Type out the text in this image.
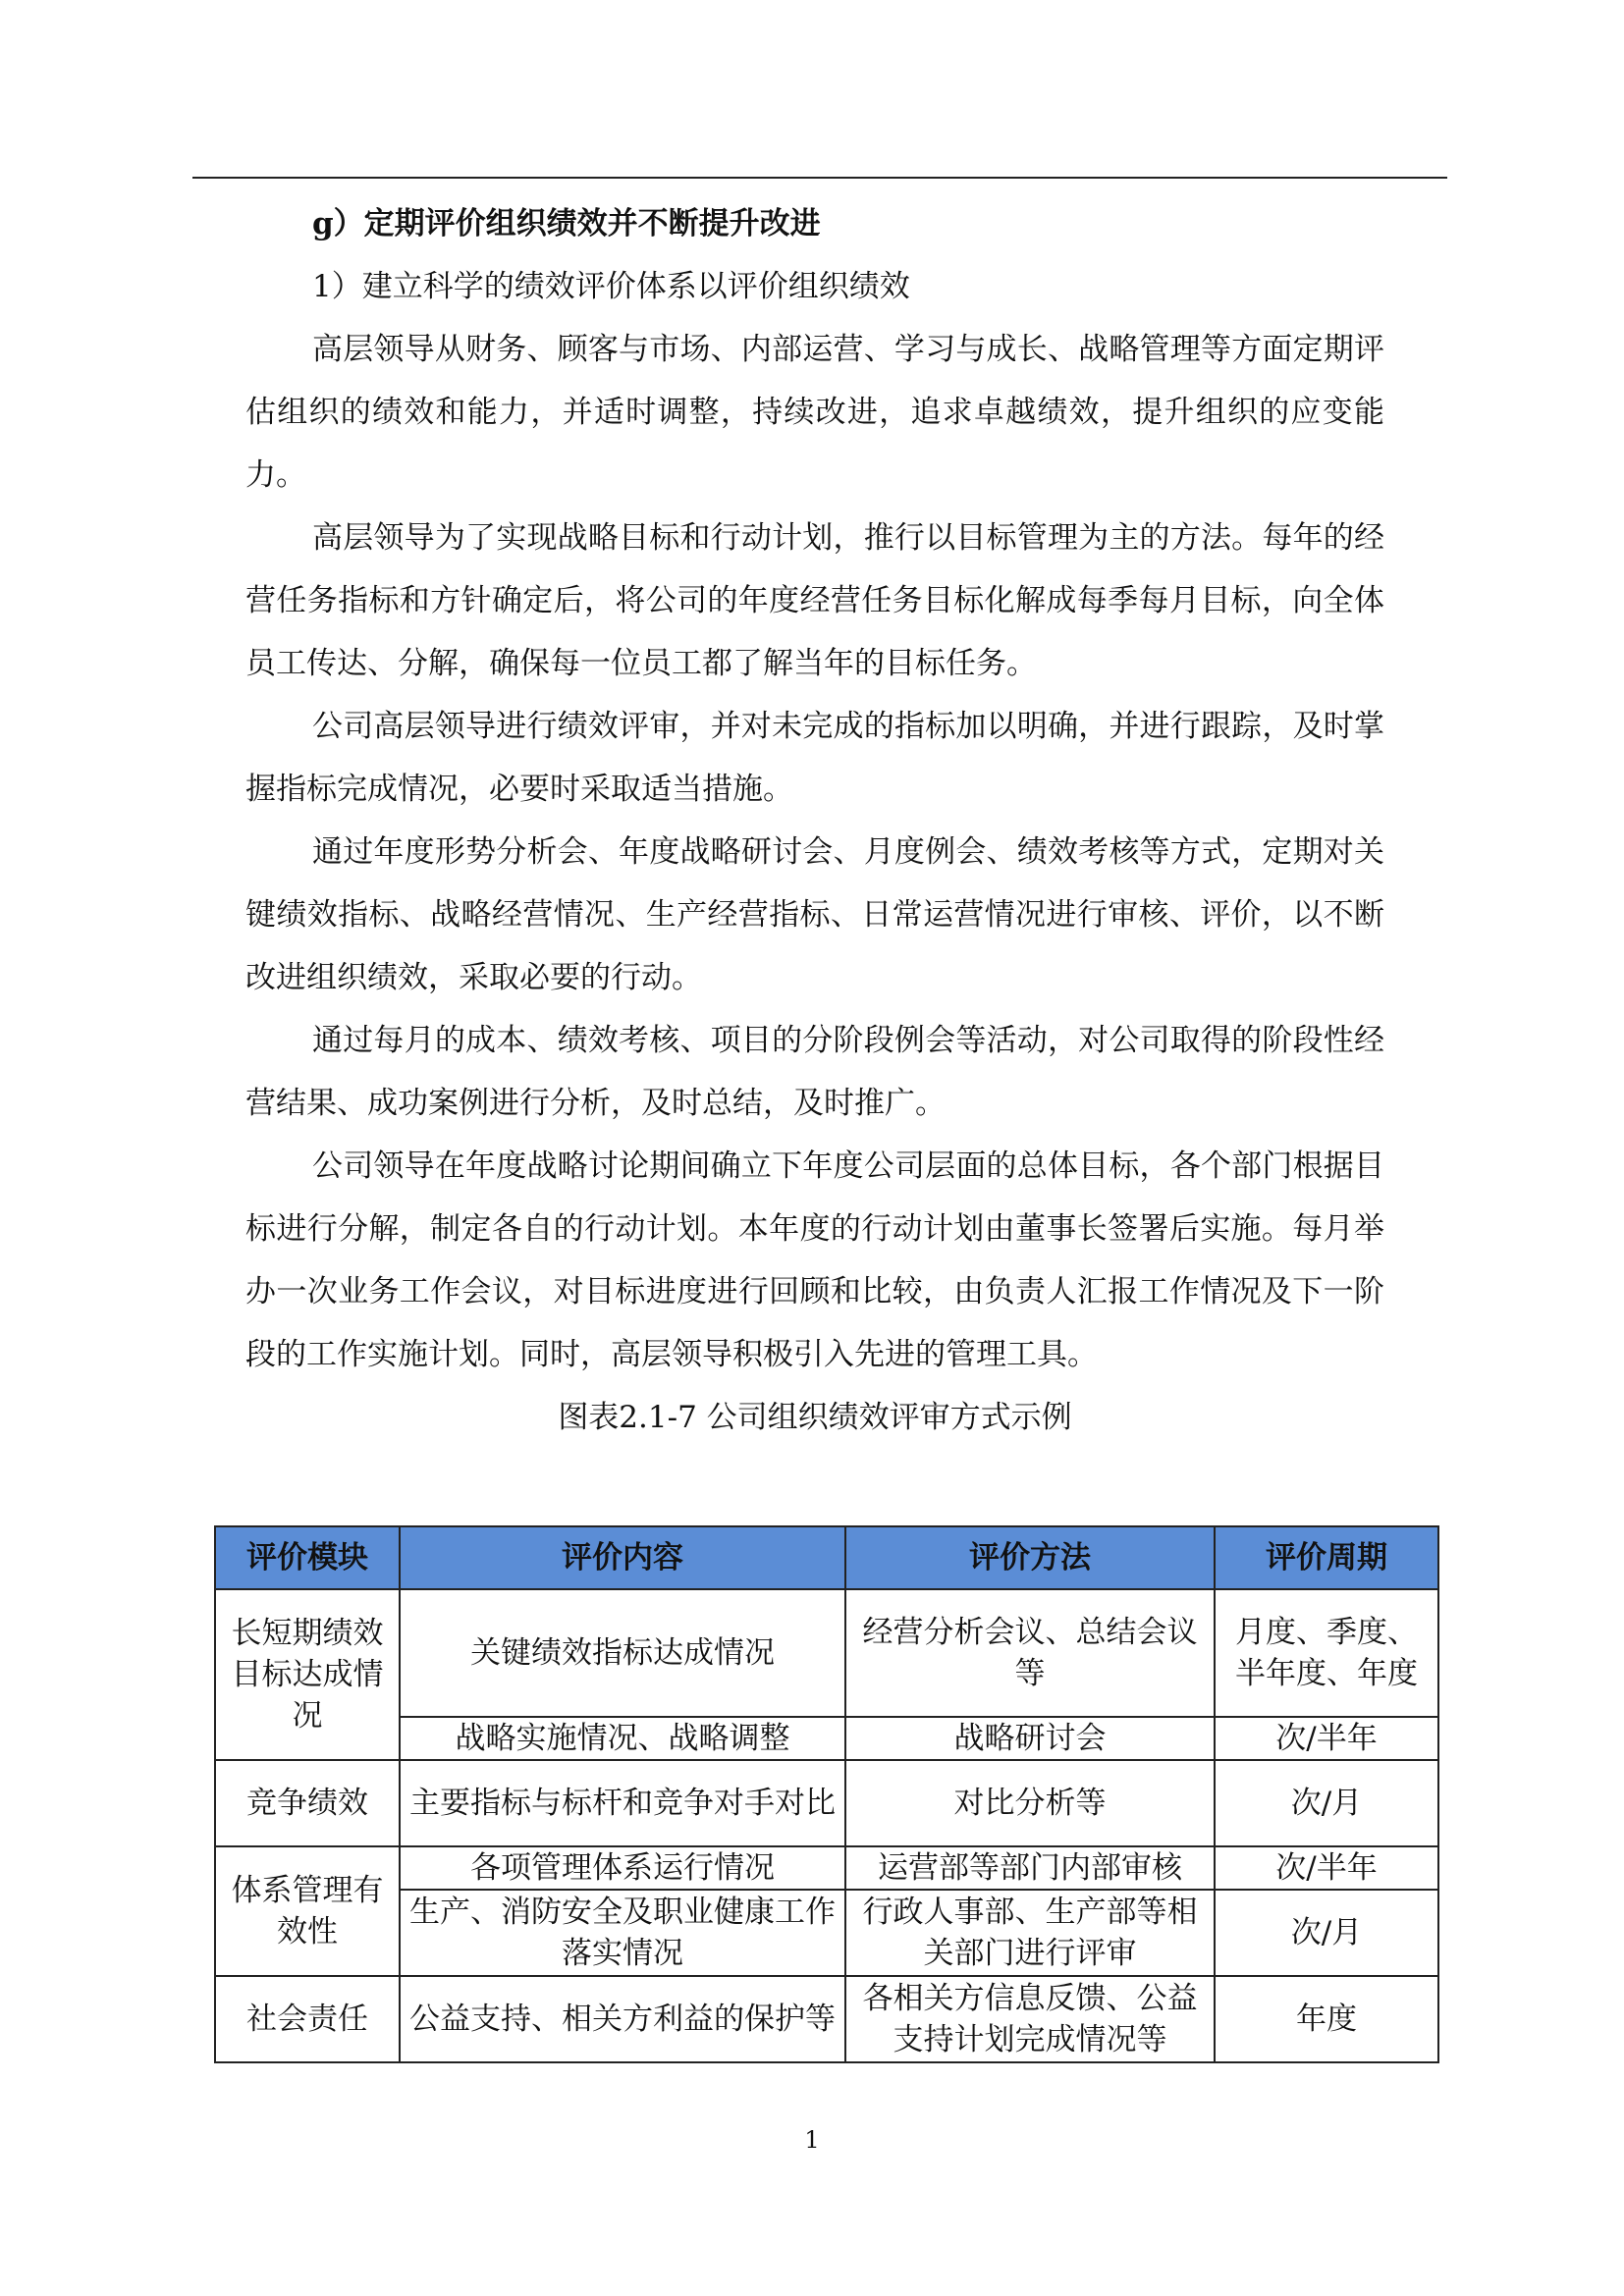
g）定期评价组织绩效并不断提升改进

1）建立科学的绩效评价体系以评价组织绩效

高层领导从财务、顾客与市场、内部运营、学习与成长、战略管理等方面定期评估组织的绩效和能力，并适时调整，持续改进，追求卓越绩效，提升组织的应变能力。

高层领导为了实现战略目标和行动计划，推行以目标管理为主的方法。每年的经营任务指标和方针确定后，将公司的年度经营任务目标化解成每季每月目标，向全体员工传达、分解，确保每一位员工都了解当年的目标任务。

公司高层领导进行绩效评审，并对未完成的指标加以明确，并进行跟踪，及时掌握指标完成情况，必要时采取适当措施。

通过年度形势分析会、年度战略研讨会、月度例会、绩效考核等方式，定期对关键绩效指标、战略经营情况、生产经营指标、日常运营情况进行审核、评价，以不断改进组织绩效，采取必要的行动。

通过每月的成本、绩效考核、项目的分阶段例会等活动，对公司取得的阶段性经营结果、成功案例进行分析，及时总结，及时推广。

公司领导在年度战略讨论期间确立下年度公司层面的总体目标，各个部门根据目标进行分解，制定各自的行动计划。本年度的行动计划由董事长签署后实施。每月举办一次业务工作会议，对目标进度进行回顾和比较，由负责人汇报工作情况及下一阶段的工作实施计划。同时，高层领导积极引入先进的管理工具。

图表2.1-7 公司组织绩效评审方式示例

评价模块	评价内容	评价方法	评价周期
长短期绩效目标达成情况	关键绩效指标达成情况	经营分析会议、总结会议等	月度、季度、半年度、年度
	战略实施情况、战略调整	战略研讨会	次/半年
竞争绩效	主要指标与标杆和竞争对手对比	对比分析等	次/月
体系管理有效性	各项管理体系运行情况	运营部等部门内部审核	次/半年
	生产、消防安全及职业健康工作落实情况	行政人事部、生产部等相关部门进行评审	次/月
社会责任	公益支持、相关方利益的保护等	各相关方信息反馈、公益支持计划完成情况等	年度
1
